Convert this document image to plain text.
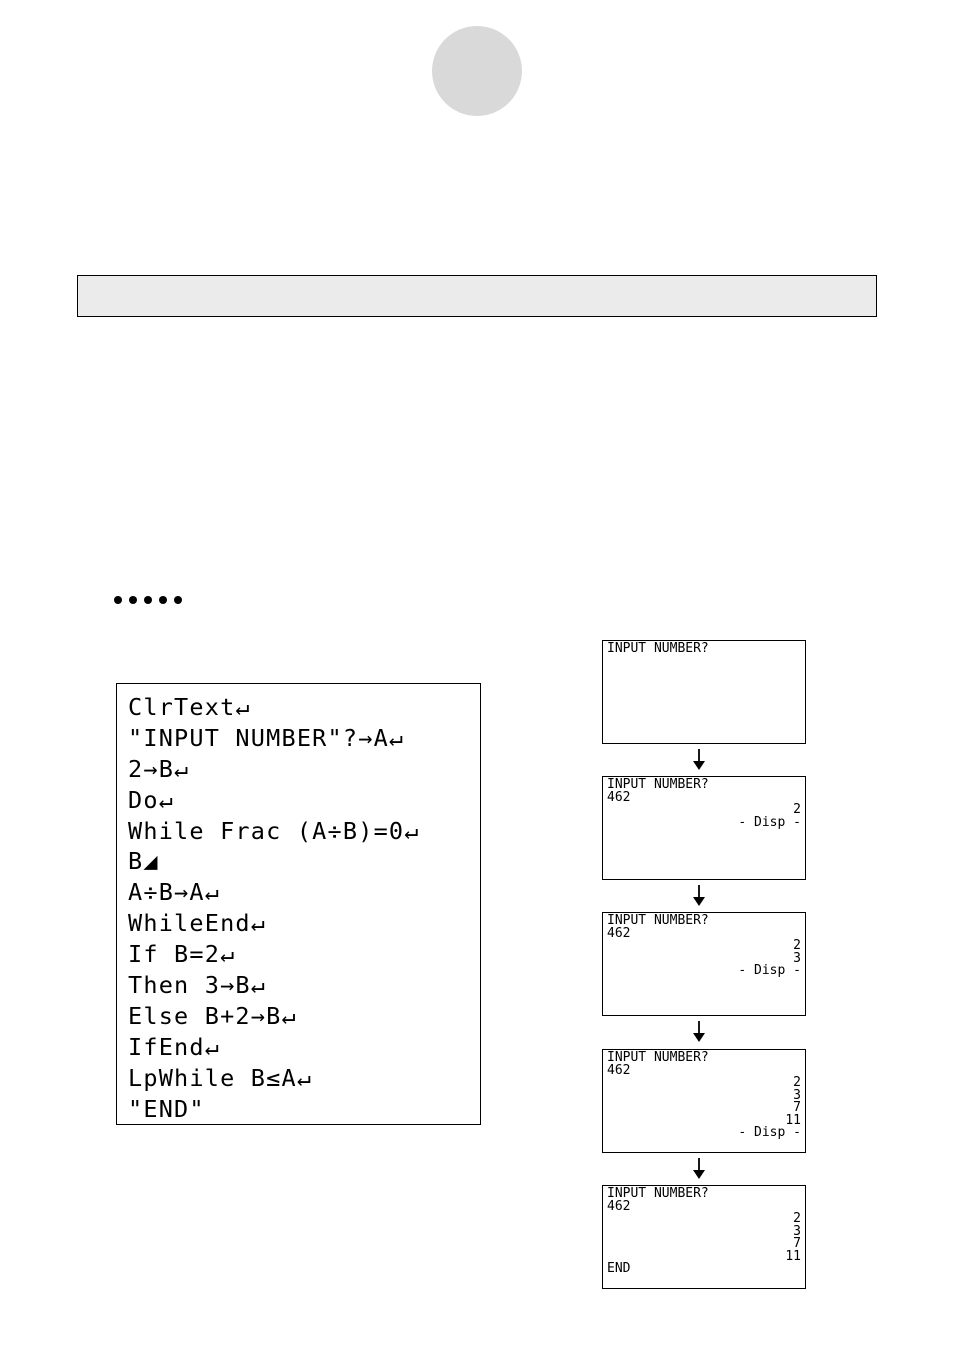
ClrText↵
"INPUT NUMBER"?→A↵
2→B↵
Do↵
While Frac (A÷B)=0↵
B◢
A÷B→A↵
WhileEnd↵
If B=2↵
Then 3→B↵
Else B+2→B↵
IfEnd↵
LpWhile B≤A↵
"END"
INPUT NUMBER?
INPUT NUMBER?
462
2
- Disp -
INPUT NUMBER?
462
2
3
- Disp -
INPUT NUMBER?
462
2
3
7
11
- Disp -
INPUT NUMBER?
462
2
3
7
11
END
